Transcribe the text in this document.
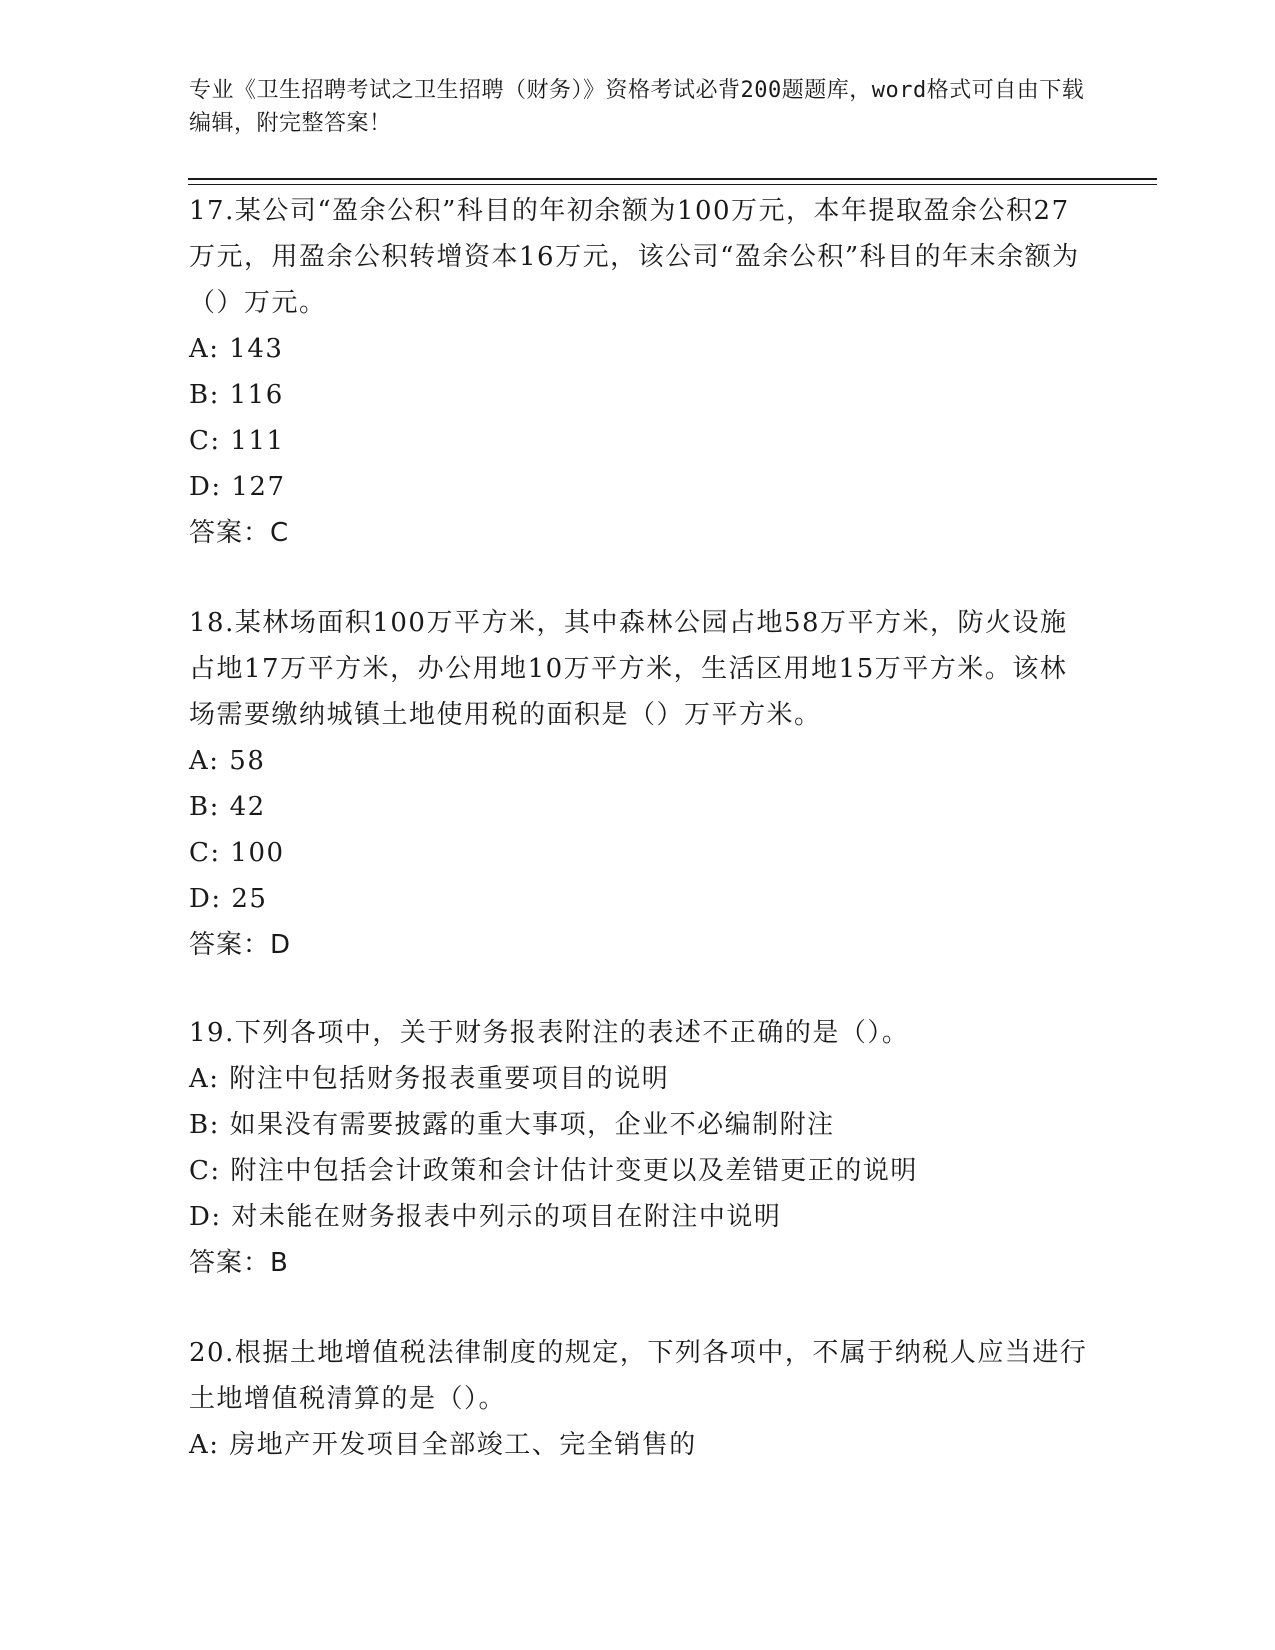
专业《卫生招聘考试之卫生招聘（财务）》资格考试必背200题题库，word格式可自由下载编辑，附完整答案！

17.某公司“盈余公积”科目的年初余额为100万元，本年提取盈余公积27万元，用盈余公积转增资本16万元，该公司“盈余公积”科目的年末余额为（）万元。

A: 143

B: 116

C: 111

D: 127

答案：C

18.某林场面积100万平方米，其中森林公园占地58万平方米，防火设施占地17万平方米，办公用地10万平方米，生活区用地15万平方米。该林场需要缴纳城镇土地使用税的面积是（）万平方米。

A: 58

B: 42

C: 100

D: 25

答案：D

19.下列各项中，关于财务报表附注的表述不正确的是（）。

A: 附注中包括财务报表重要项目的说明

B: 如果没有需要披露的重大事项，企业不必编制附注

C: 附注中包括会计政策和会计估计变更以及差错更正的说明

D: 对未能在财务报表中列示的项目在附注中说明

答案：B

20.根据土地增值税法律制度的规定，下列各项中，不属于纳税人应当进行土地增值税清算的是（）。

A: 房地产开发项目全部竣工、完全销售的
